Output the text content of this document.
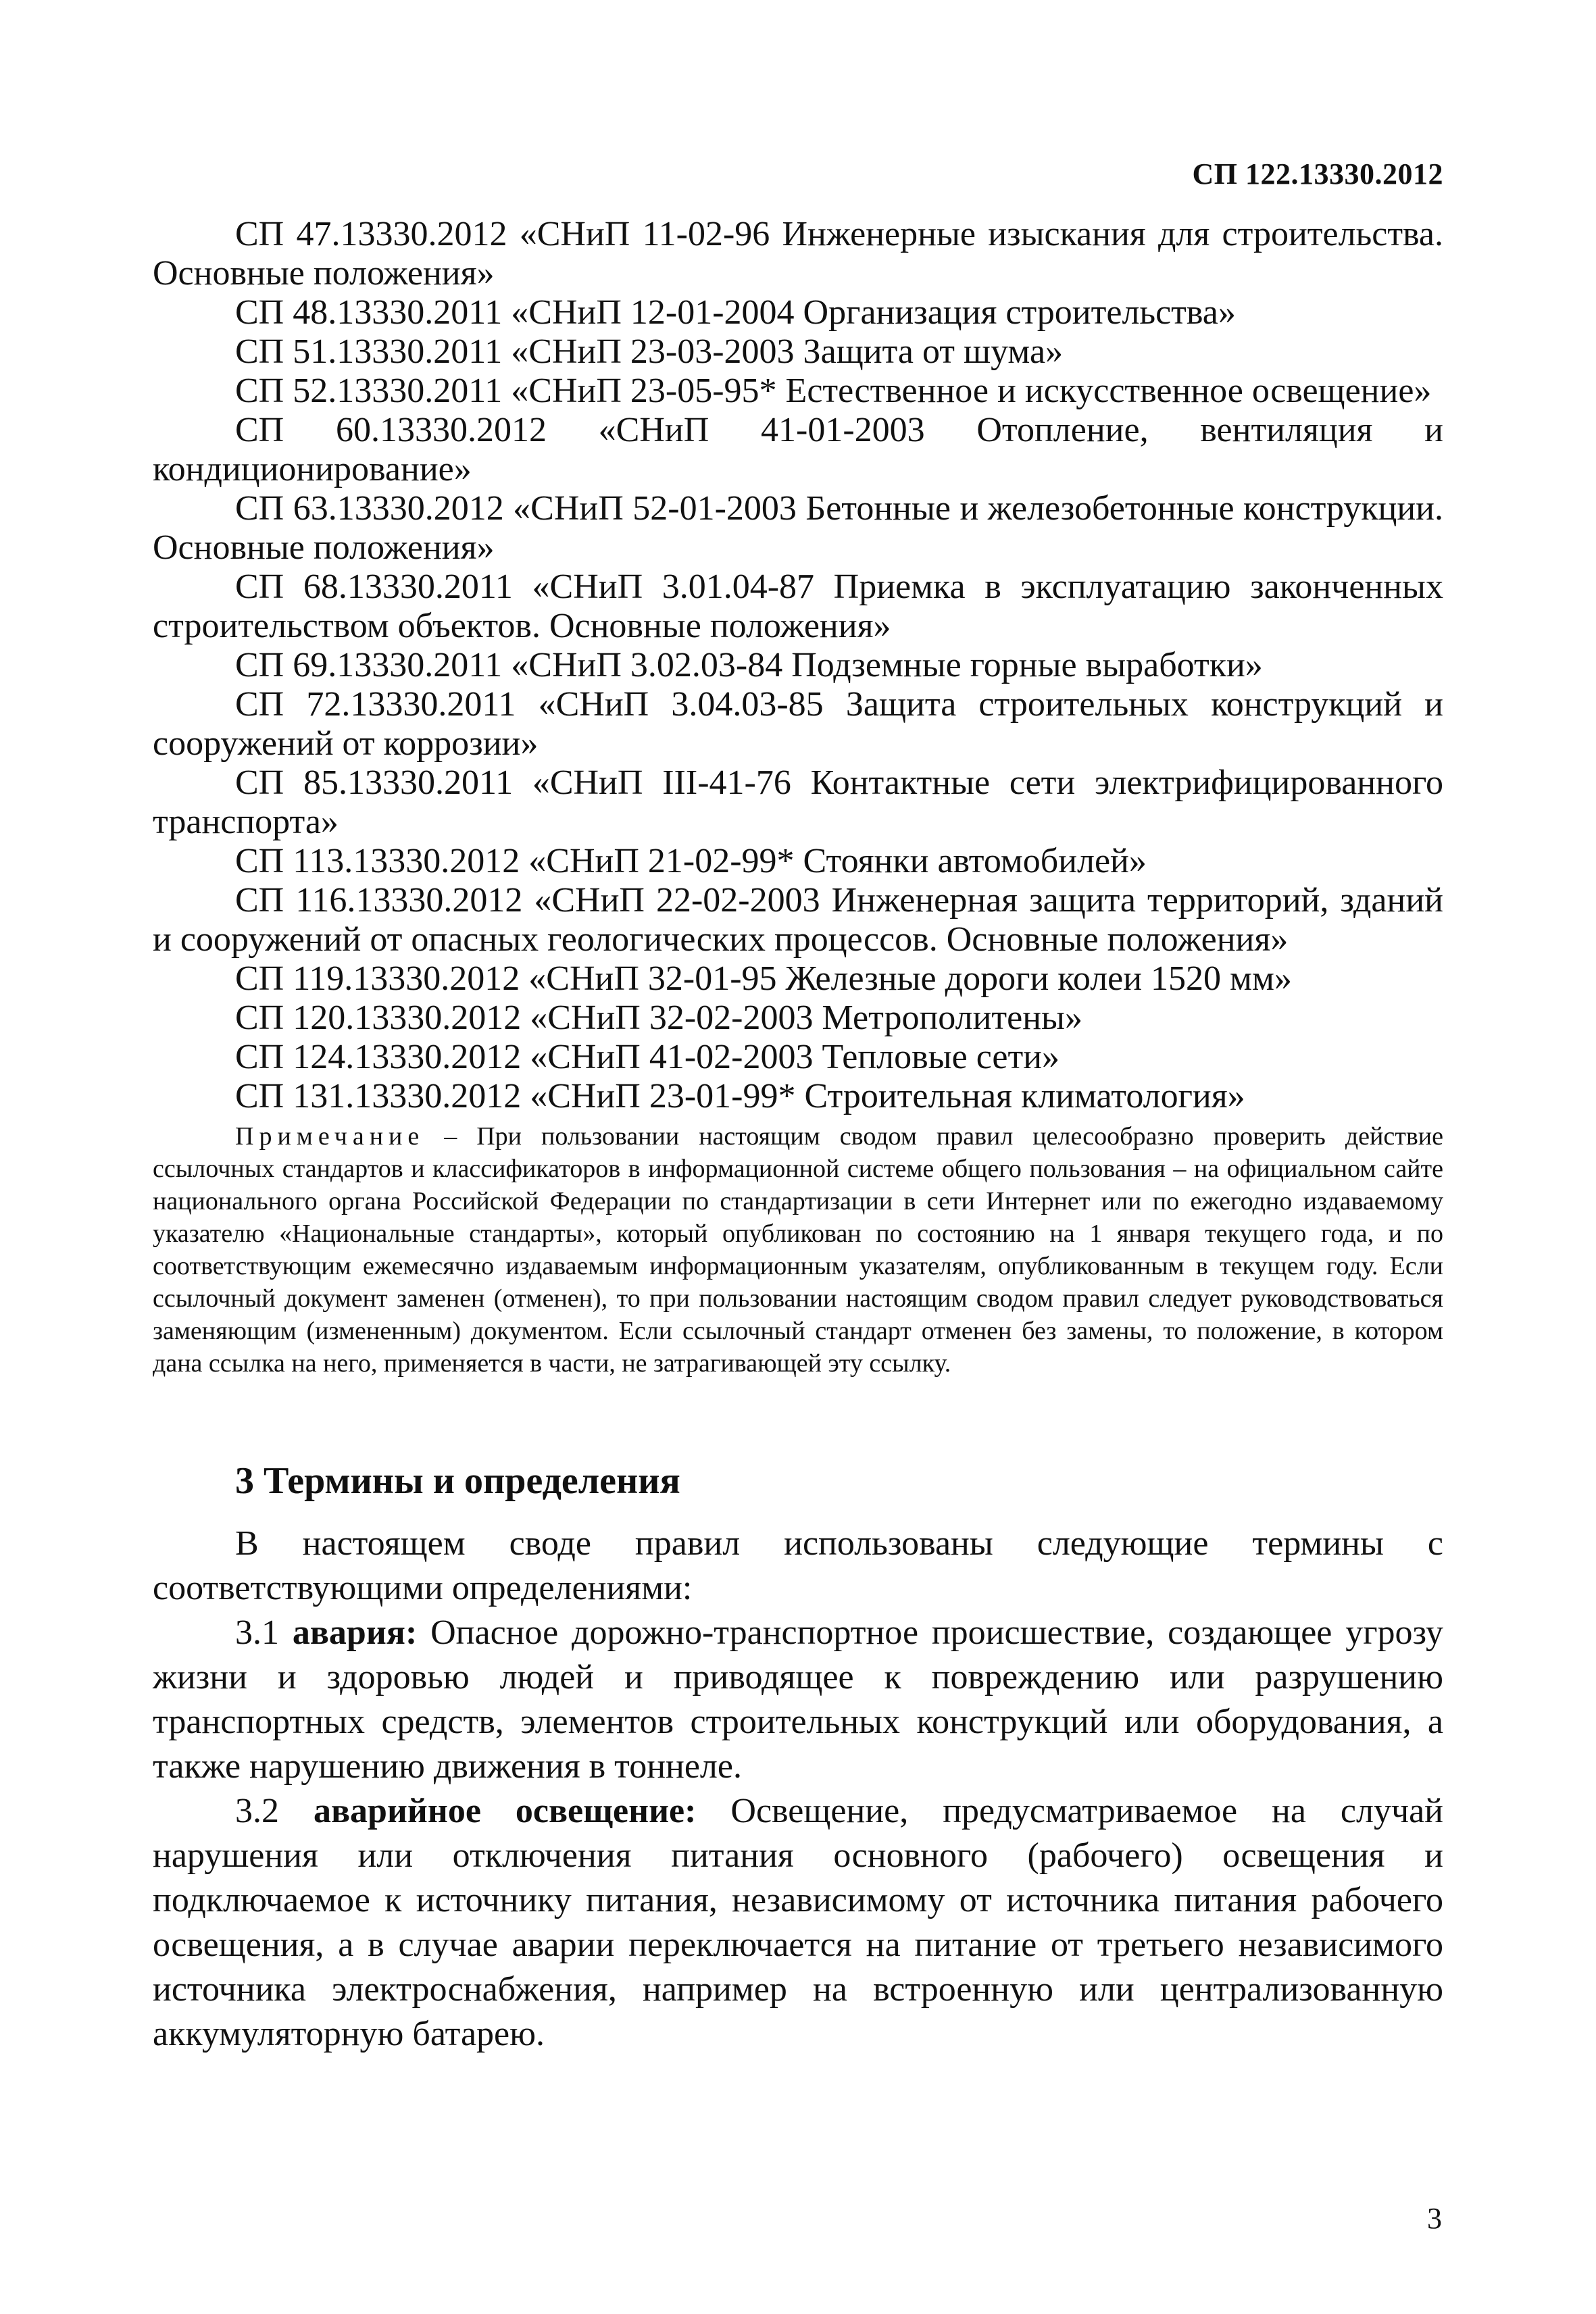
СП 122.13330.2012

СП 47.13330.2012 «СНиП 11-02-96 Инженерные изыскания для строительства. Основные положения»

СП 48.13330.2011 «СНиП 12-01-2004 Организация строительства»

СП 51.13330.2011 «СНиП 23-03-2003 Защита от шума»

СП 52.13330.2011 «СНиП 23-05-95* Естественное и искусственное освещение»

СП 60.13330.2012 «СНиП 41-01-2003 Отопление, вентиляция и кондиционирование»

СП 63.13330.2012 «СНиП 52-01-2003 Бетонные и железобетонные конструкции. Основные положения»

СП 68.13330.2011 «СНиП 3.01.04-87 Приемка в эксплуатацию законченных строительством объектов. Основные положения»

СП 69.13330.2011 «СНиП 3.02.03-84 Подземные горные выработки»

СП 72.13330.2011 «СНиП 3.04.03-85 Защита строительных конструкций и сооружений от коррозии»

СП 85.13330.2011 «СНиП III-41-76 Контактные сети электрифицированного транспорта»

СП 113.13330.2012 «СНиП 21-02-99* Стоянки автомобилей»

СП 116.13330.2012 «СНиП 22-02-2003 Инженерная защита территорий, зданий и сооружений от опасных геологических процессов. Основные положения»

СП 119.13330.2012 «СНиП 32-01-95 Железные дороги колеи 1520 мм»

СП 120.13330.2012 «СНиП 32-02-2003 Метрополитены»

СП 124.13330.2012 «СНиП 41-02-2003 Тепловые сети»

СП 131.13330.2012 «СНиП 23-01-99* Строительная климатология»

Примечание – При пользовании настоящим сводом правил целесообразно проверить действие ссылочных стандартов и классификаторов в информационной системе общего пользования – на официальном сайте национального органа Российской Федерации по стандартизации в сети Интернет или по ежегодно издаваемому указателю «Национальные стандарты», который опубликован по состоянию на 1 января текущего года, и по соответствующим ежемесячно издаваемым информационным указателям, опубликованным в текущем году. Если ссылочный документ заменен (отменен), то при пользовании настоящим сводом правил следует руководствоваться заменяющим (измененным) документом. Если ссылочный стандарт отменен без замены, то положение, в котором дана ссылка на него, применяется в части, не затрагивающей эту ссылку.
3 Термины и определения

В настоящем своде правил использованы следующие термины с соответствующими определениями:

3.1 авария: Опасное дорожно-транспортное происшествие, создающее угрозу жизни и здоровью людей и приводящее к повреждению или разрушению транспортных средств, элементов строительных конструкций или оборудования, а также нарушению движения в тоннеле.

3.2 аварийное освещение: Освещение, предусматриваемое на случай нарушения или отключения питания основного (рабочего) освещения и подключаемое к источнику питания, независимому от источника питания рабочего освещения, а в случае аварии переключается на питание от третьего независимого источника электроснабжения, например на встроенную или централизованную аккумуляторную батарею.

3
